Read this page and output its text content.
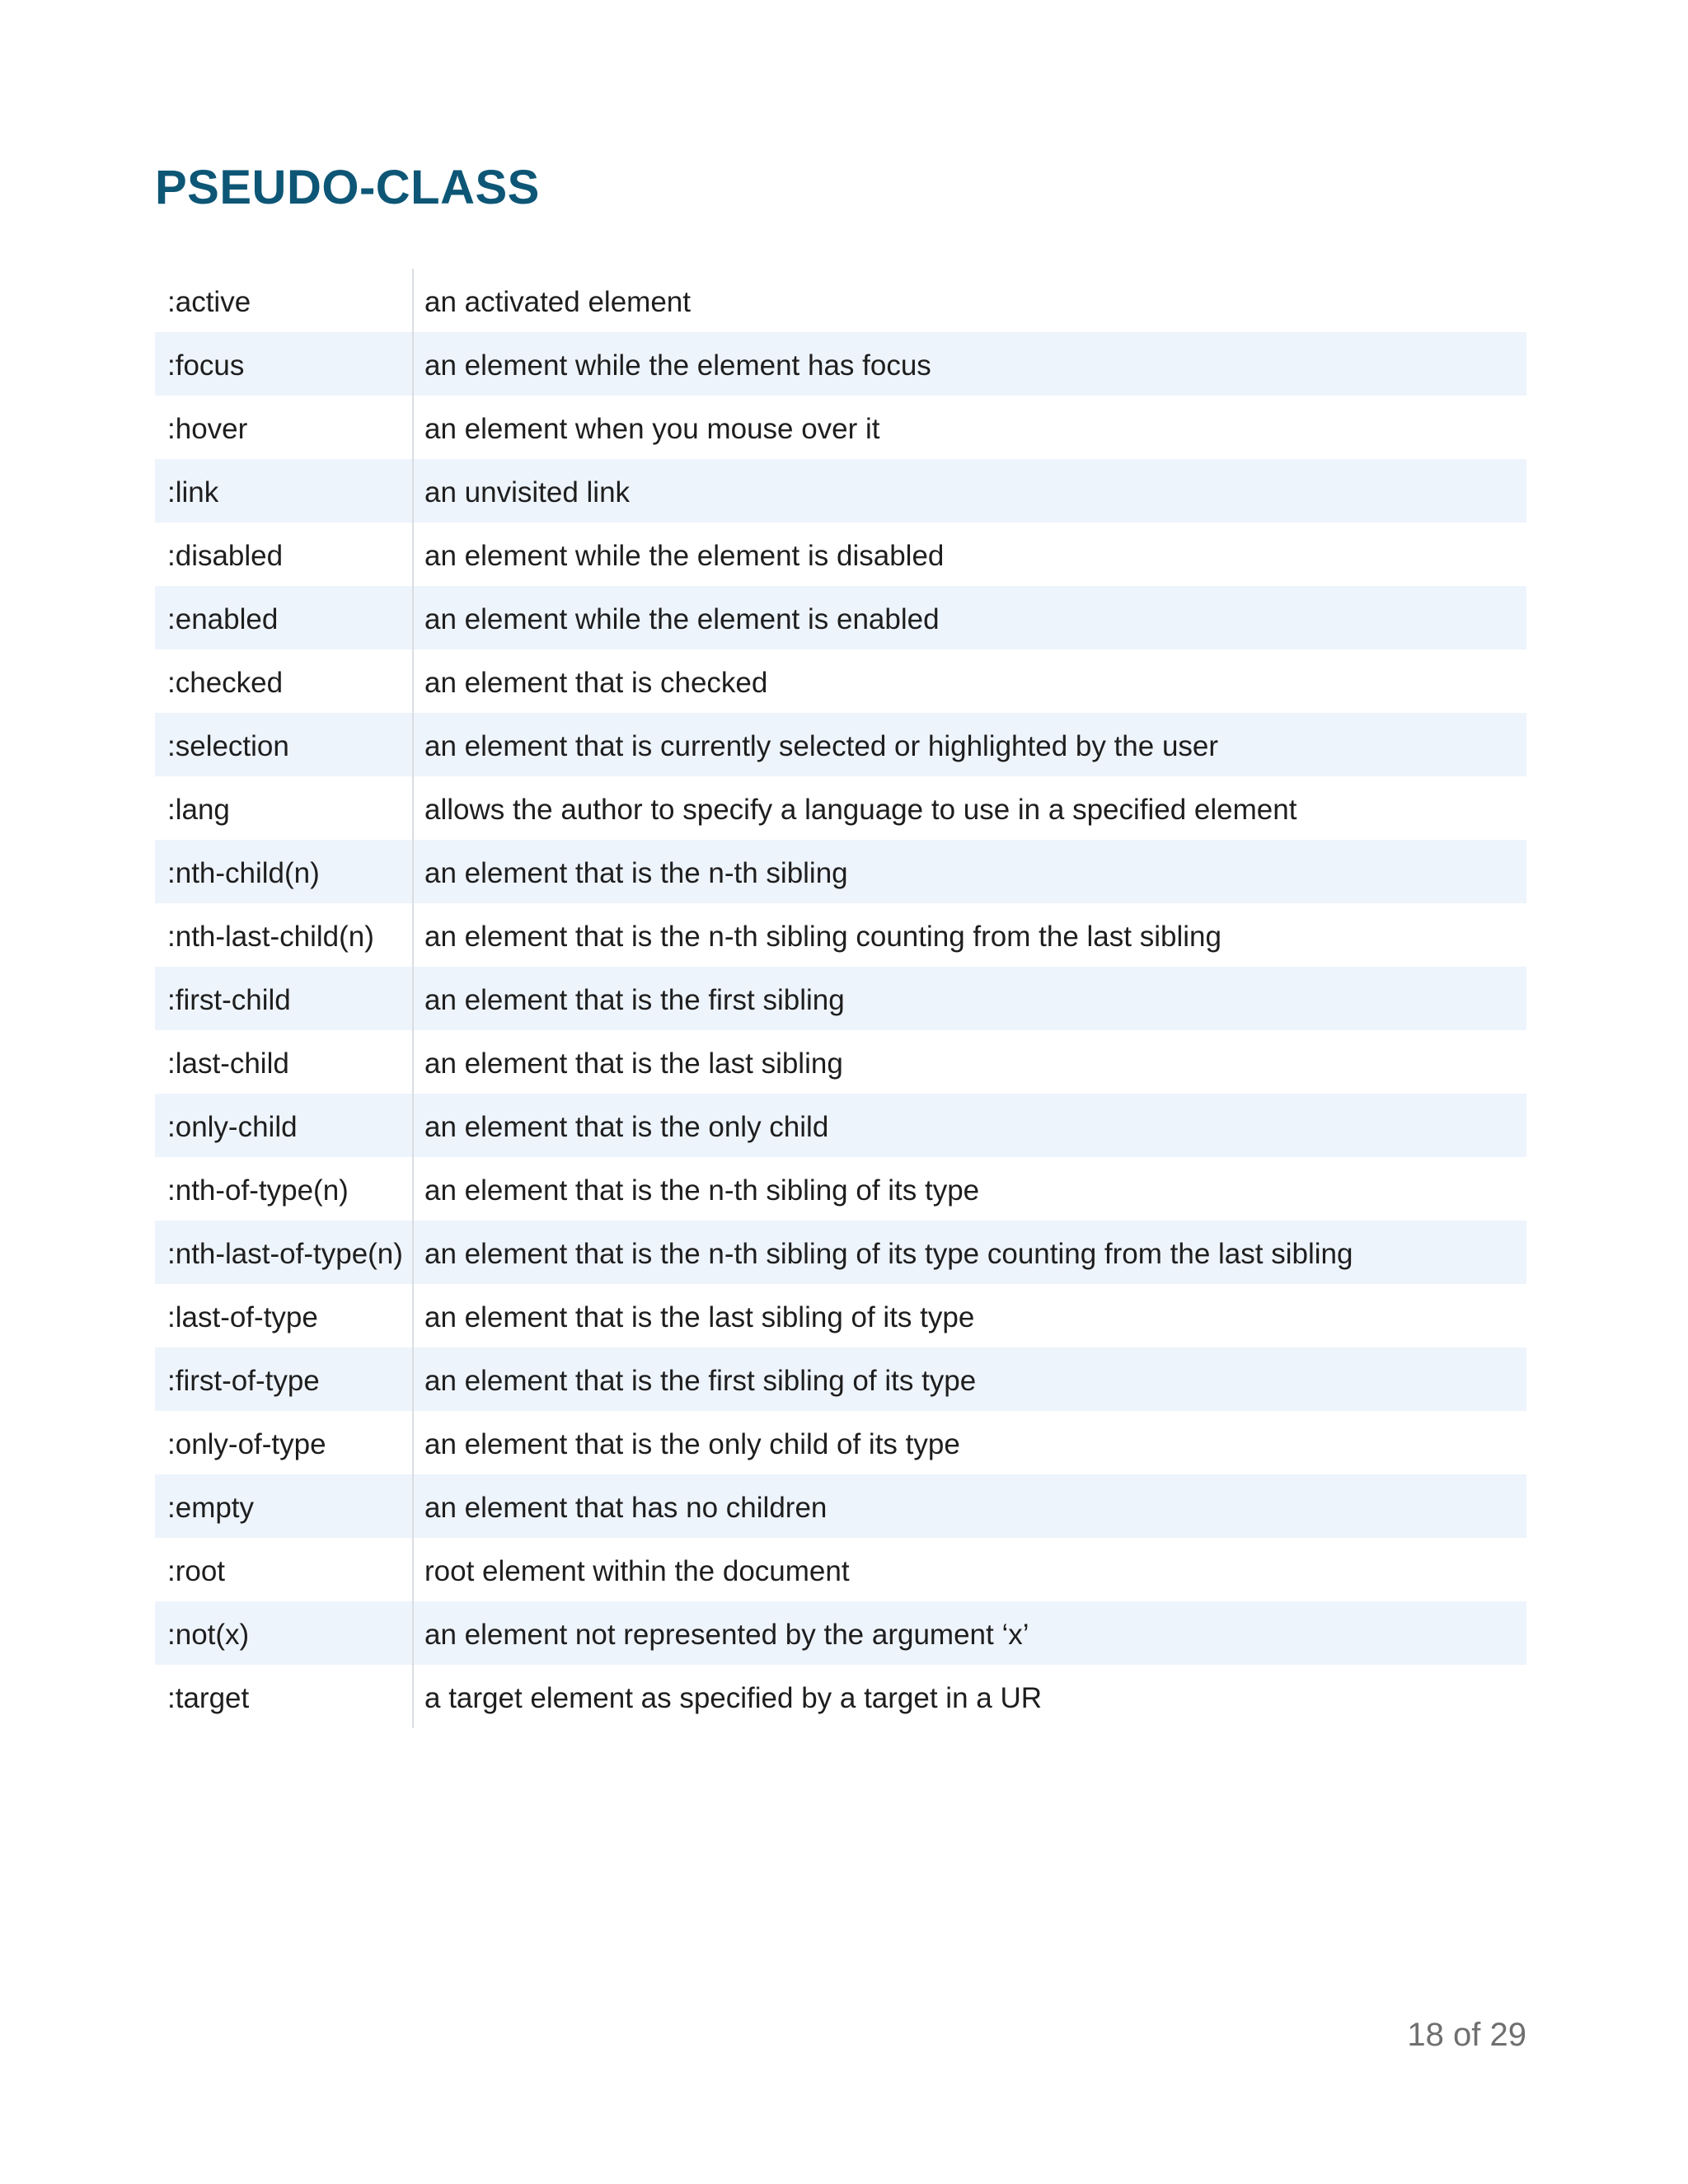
PSEUDO-CLASS
:active	an activated element
:focus	an element while the element has focus
:hover	an element when you mouse over it
:link	an unvisited link
:disabled	an element while the element is disabled
:enabled	an element while the element is enabled
:checked	an element that is checked
:selection	an element that is currently selected or highlighted by the user
:lang	allows the author to specify a language to use in a specified element
:nth-child(n)	an element that is the n-th sibling
:nth-last-child(n)	an element that is the n-th sibling counting from the last sibling
:first-child	an element that is the first sibling
:last-child	an element that is the last sibling
:only-child	an element that is the only child
:nth-of-type(n)	an element that is the n-th sibling of its type
:nth-last-of-type(n)	an element that is the n-th sibling of its type counting from the last sibling
:last-of-type	an element that is the last sibling of its type
:first-of-type	an element that is the first sibling of its type
:only-of-type	an element that is the only child of its type
:empty	an element that has no children
:root	root element within the document
:not(x)	an element not represented by the argument ‘x’
:target	a target element as specified by a target in a UR
18 of 29
